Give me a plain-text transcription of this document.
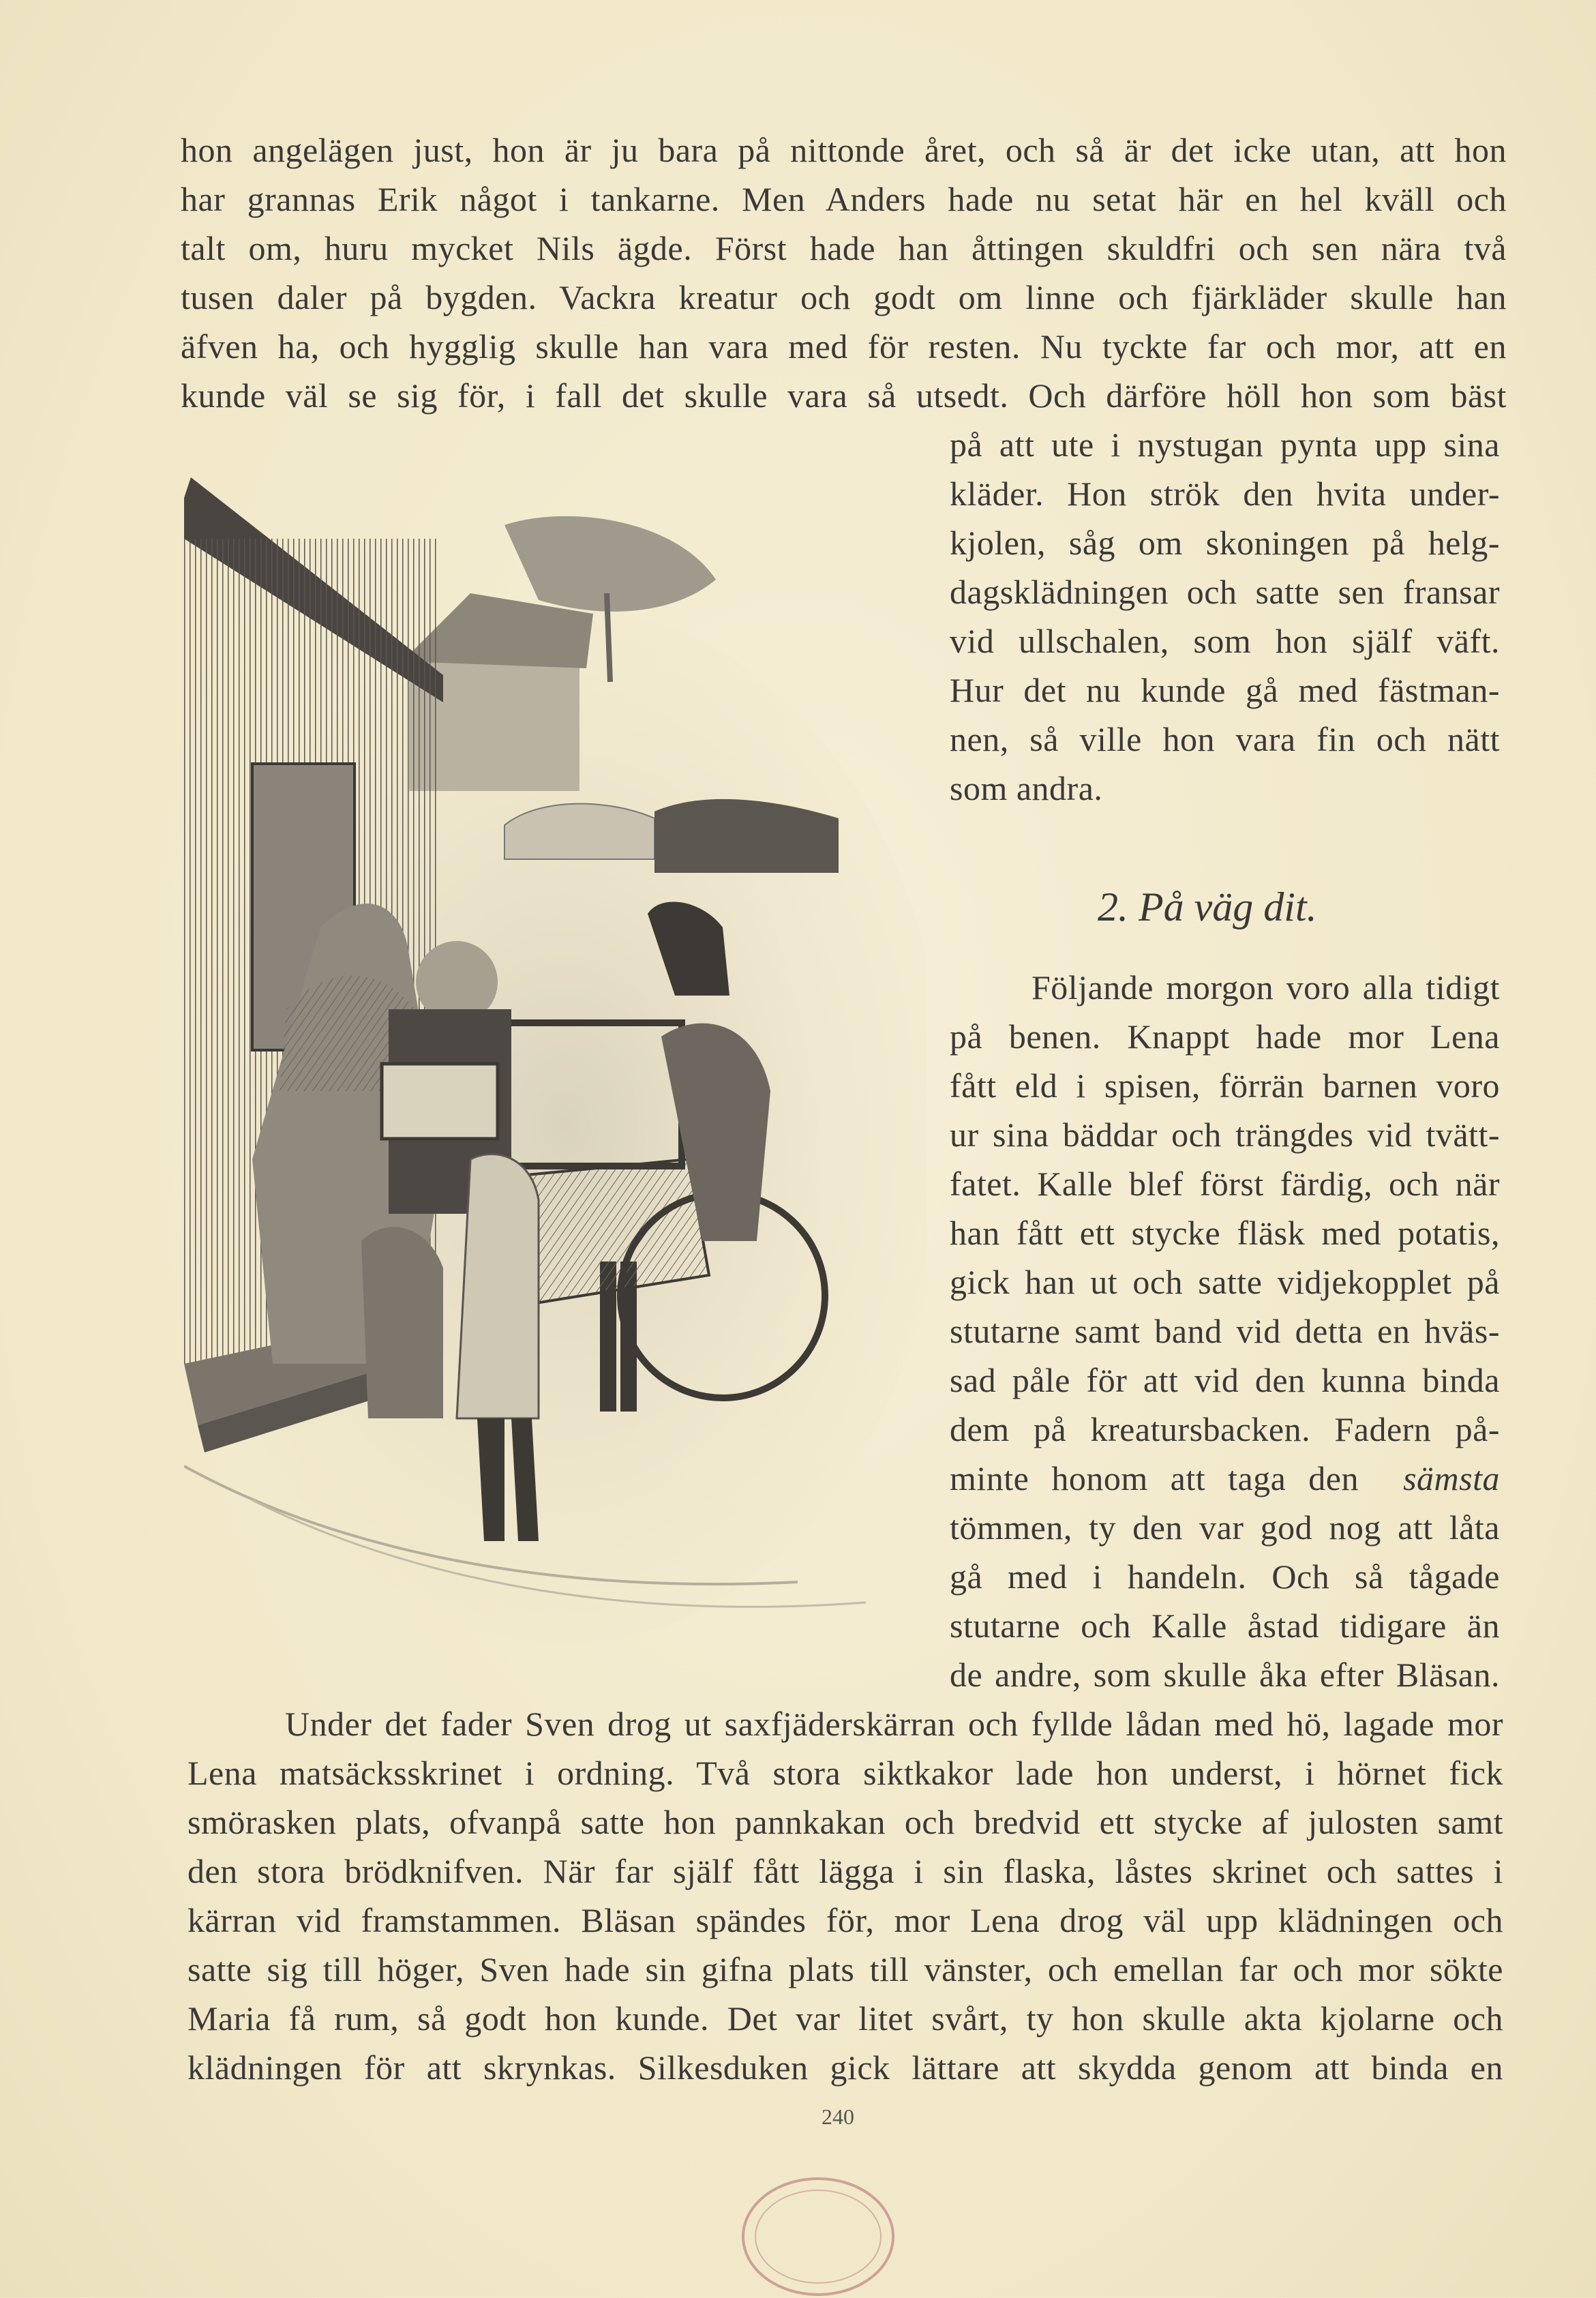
hon angelägen just, hon är ju bara på nittonde året, och så är det icke utan, att hon
har grannas Erik något i tankarne. Men Anders hade nu setat här en hel kväll och
talt om, huru mycket Nils ägde. Först hade han åttingen skuldfri och sen nära två
tusen daler på bygden. Vackra kreatur och godt om linne och fjärkläder skulle han
äfven ha, och hygglig skulle han vara med för resten. Nu tyckte far och mor, att en
kunde väl se sig för, i fall det skulle vara så utsedt. Och därföre höll hon som bäst
på att ute i nystugan pynta upp sina
kläder. Hon strök den hvita under-
kjolen, såg om skoningen på helg-
dagsklädningen och satte sen fransar
vid ullschalen, som hon själf väft.
Hur det nu kunde gå med fästman-
nen, så ville hon vara fin och nätt
som andra.
2. På väg dit.
Följande morgon voro alla tidigt
på benen. Knappt hade mor Lena
fått eld i spisen, förrän barnen voro
ur sina bäddar och trängdes vid tvätt-
fatet. Kalle blef först färdig, och när
han fått ett stycke fläsk med potatis,
gick han ut och satte vidjekopplet på
stutarne samt band vid detta en hväs-
sad påle för att vid den kunna binda
dem på kreatursbacken. Fadern på-
minte honom att taga den sämsta
tömmen, ty den var god nog att låta
gå med i handeln. Och så tågade
stutarne och Kalle åstad tidigare än
de andre, som skulle åka efter Bläsan.
Under det fader Sven drog ut saxfjäderskärran och fyllde lådan med hö, lagade mor
Lena matsäcksskrinet i ordning. Två stora siktkakor lade hon underst, i hörnet fick
smörasken plats, ofvanpå satte hon pannkakan och bredvid ett stycke af julosten samt
den stora brödknifven. När far själf fått lägga i sin flaska, låstes skrinet och sattes i
kärran vid framstammen. Bläsan spändes för, mor Lena drog väl upp klädningen och
satte sig till höger, Sven hade sin gifna plats till vänster, och emellan far och mor sökte
Maria få rum, så godt hon kunde. Det var litet svårt, ty hon skulle akta kjolarne och
klädningen för att skrynkas. Silkesduken gick lättare att skydda genom att binda en
240
